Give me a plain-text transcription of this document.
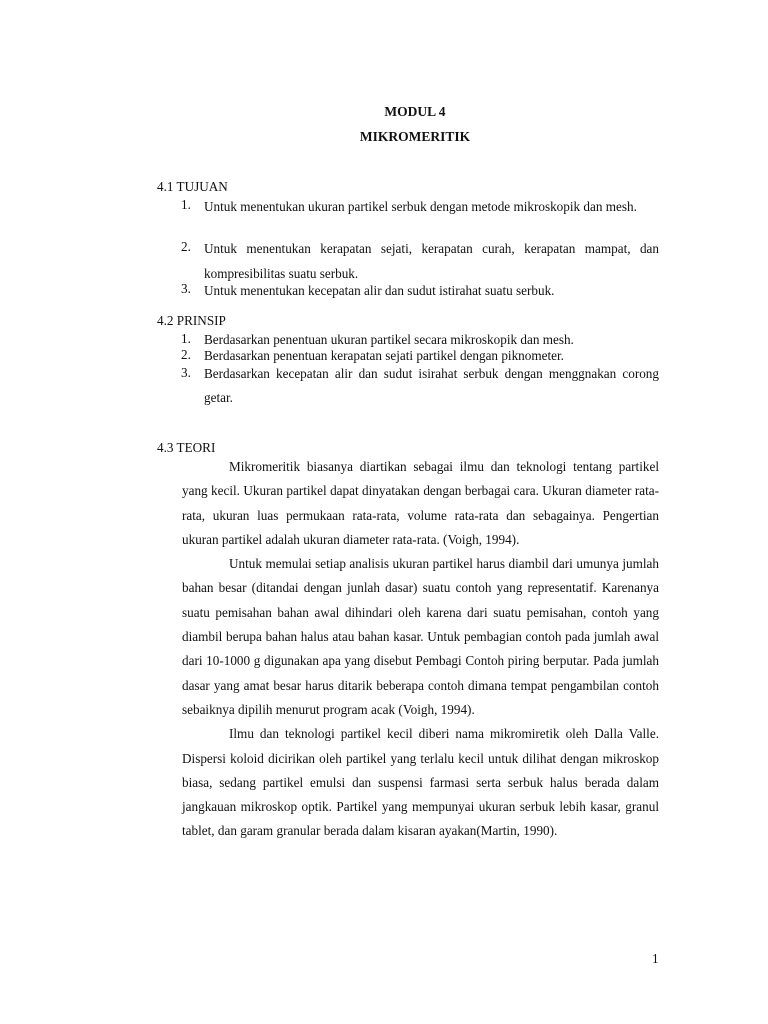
MODUL 4
MIKROMERITIK
4.1 TUJUAN
1. Untuk menentukan ukuran partikel serbuk dengan metode mikroskopik dan mesh.
2. Untuk menentukan kerapatan sejati, kerapatan curah, kerapatan mampat, dan kompresibilitas suatu serbuk.
3. Untuk menentukan kecepatan alir dan sudut istirahat suatu serbuk.
4.2 PRINSIP
1. Berdasarkan penentuan ukuran partikel secara mikroskopik dan mesh.
2. Berdasarkan penentuan kerapatan sejati partikel dengan piknometer.
3. Berdasarkan kecepatan alir dan sudut isirahat serbuk dengan menggnakan corong getar.
4.3 TEORI

Mikromeritik biasanya diartikan sebagai ilmu dan teknologi tentang partikel yang kecil. Ukuran partikel dapat dinyatakan dengan berbagai cara. Ukuran diameter rata-rata, ukuran luas permukaan rata-rata, volume rata-rata dan sebagainya. Pengertian ukuran partikel adalah ukuran diameter rata-rata. (Voigh, 1994).

Untuk memulai setiap analisis ukuran partikel harus diambil dari umunya jumlah bahan besar (ditandai dengan junlah dasar) suatu contoh yang representatif. Karenanya suatu pemisahan bahan awal dihindari oleh karena dari suatu pemisahan, contoh yang diambil berupa bahan halus atau bahan kasar. Untuk pembagian contoh pada jumlah awal dari 10-1000 g digunakan apa yang disebut Pembagi Contoh piring berputar. Pada jumlah dasar yang amat besar harus ditarik beberapa contoh dimana tempat pengambilan contoh sebaiknya dipilih menurut program acak (Voigh, 1994).

Ilmu dan teknologi partikel kecil diberi nama mikromiretik oleh Dalla Valle. Dispersi koloid dicirikan oleh partikel yang terlalu kecil untuk dilihat dengan mikroskop biasa, sedang partikel emulsi dan suspensi farmasi serta serbuk halus berada dalam jangkauan mikroskop optik. Partikel yang mempunyai ukuran serbuk lebih kasar, granul tablet, dan garam granular berada dalam kisaran ayakan(Martin, 1990).

1
